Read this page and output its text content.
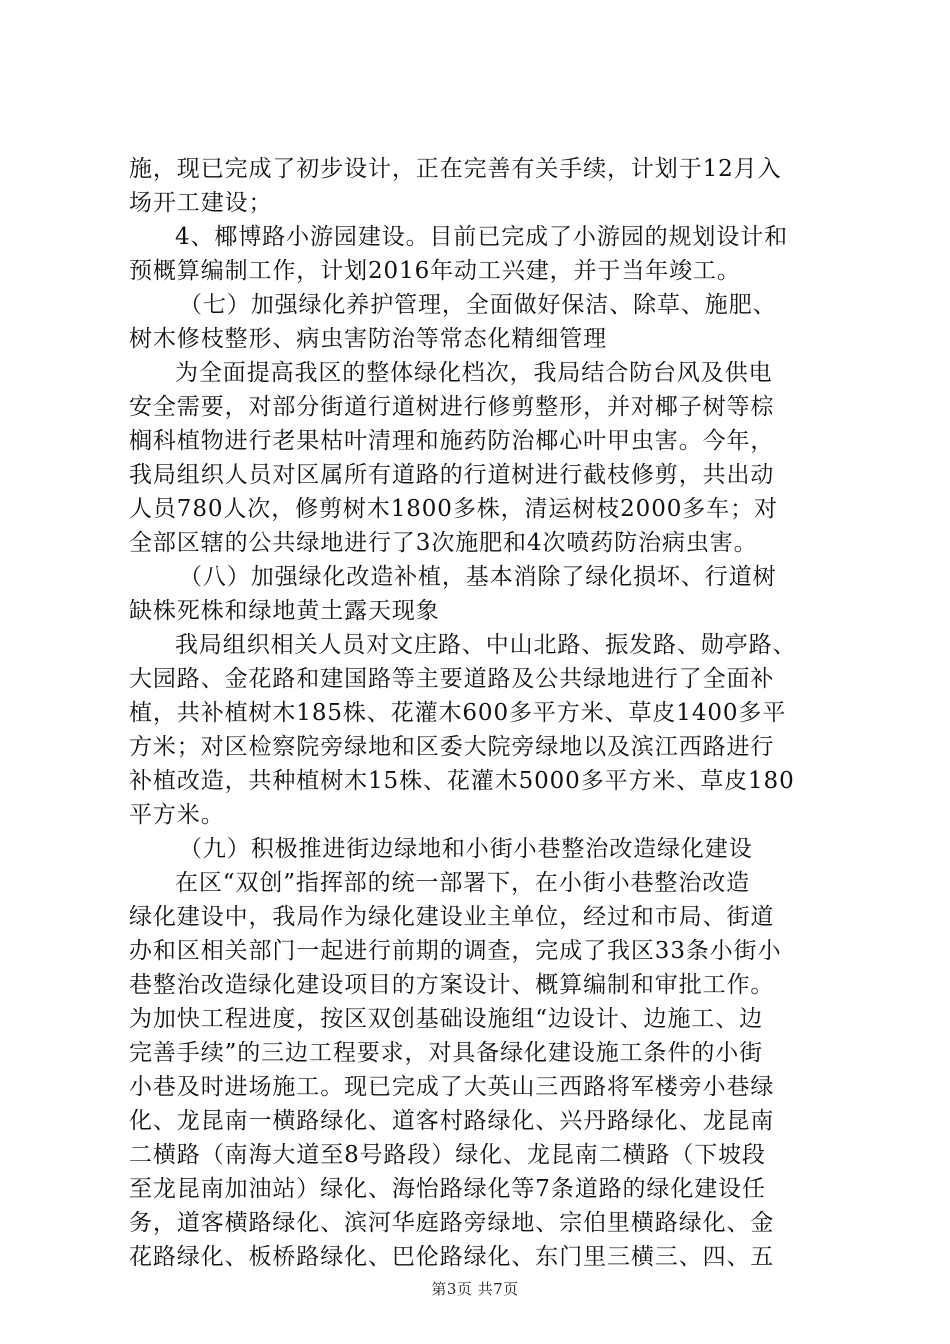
施，现已完成了初步设计，正在完善有关手续，计划于12月入
场开工建设；
4、椰博路小游园建设。目前已完成了小游园的规划设计和
预概算编制工作，计划2016年动工兴建，并于当年竣工。
（七）加强绿化养护管理，全面做好保洁、除草、施肥、
树木修枝整形、病虫害防治等常态化精细管理
为全面提高我区的整体绿化档次，我局结合防台风及供电
安全需要，对部分街道行道树进行修剪整形，并对椰子树等棕
榈科植物进行老果枯叶清理和施药防治椰心叶甲虫害。今年，
我局组织人员对区属所有道路的行道树进行截枝修剪，共出动
人员780人次，修剪树木1800多株，清运树枝2000多车；对
全部区辖的公共绿地进行了3次施肥和4次喷药防治病虫害。
（八）加强绿化改造补植，基本消除了绿化损坏、行道树
缺株死株和绿地黄土露天现象
我局组织相关人员对文庄路、中山北路、振发路、勋亭路、
大园路、金花路和建国路等主要道路及公共绿地进行了全面补
植，共补植树木185株、花灌木600多平方米、草皮1400多平
方米；对区检察院旁绿地和区委大院旁绿地以及滨江西路进行
补植改造，共种植树木15株、花灌木5000多平方米、草皮180
平方米。
（九）积极推进街边绿地和小街小巷整治改造绿化建设
在区“双创”指挥部的统一部署下，在小街小巷整治改造
绿化建设中，我局作为绿化建设业主单位，经过和市局、街道
办和区相关部门一起进行前期的调查，完成了我区33条小街小
巷整治改造绿化建设项目的方案设计、概算编制和审批工作。
为加快工程进度，按区双创基础设施组“边设计、边施工、边
完善手续”的三边工程要求，对具备绿化建设施工条件的小街
小巷及时进场施工。现已完成了大英山三西路将军楼旁小巷绿
化、龙昆南一横路绿化、道客村路绿化、兴丹路绿化、龙昆南
二横路（南海大道至8号路段）绿化、龙昆南二横路（下坡段
至龙昆南加油站）绿化、海怡路绿化等7条道路的绿化建设任
务，道客横路绿化、滨河华庭路旁绿地、宗伯里横路绿化、金
花路绿化、板桥路绿化、巴伦路绿化、东门里三横三、四、五
第3页 共7页
